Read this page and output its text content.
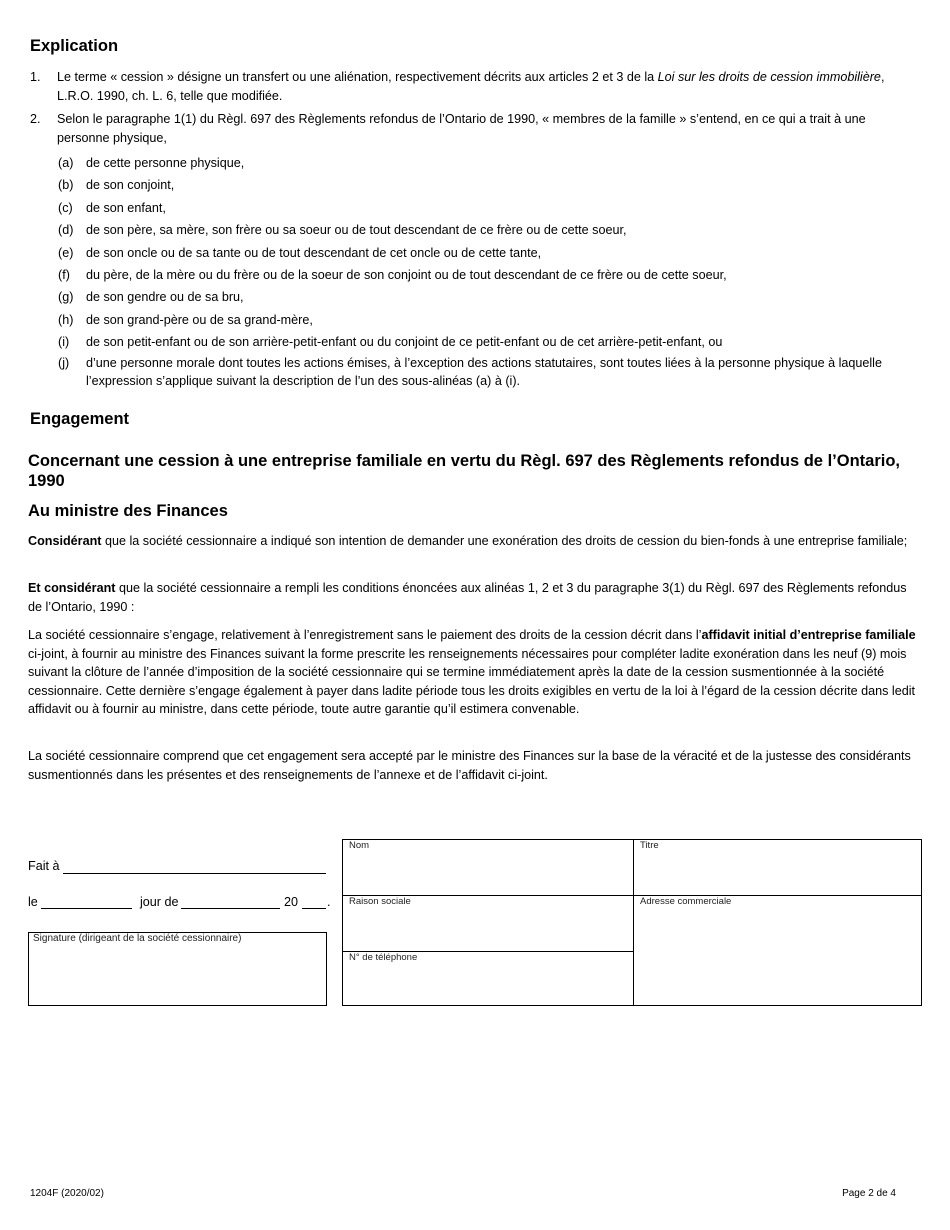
Explication
1. Le terme « cession » désigne un transfert ou une aliénation, respectivement décrits aux articles 2 et 3 de la Loi sur les droits de cession immobilière, L.R.O. 1990, ch. L. 6, telle que modifiée.
2. Selon le paragraphe 1(1) du Règl. 697 des Règlements refondus de l’Ontario de 1990, « membres de la famille » s’entend, en ce qui a trait à une personne physique,
(a) de cette personne physique,
(b) de son conjoint,
(c) de son enfant,
(d) de son père, sa mère, son frère ou sa soeur ou de tout descendant de ce frère ou de cette soeur,
(e) de son oncle ou de sa tante ou de tout descendant de cet oncle ou de cette tante,
(f) du père, de la mère ou du frère ou de la soeur de son conjoint ou de tout descendant de ce frère ou de cette soeur,
(g) de son gendre ou de sa bru,
(h) de son grand-père ou de sa grand-mère,
(i) de son petit-enfant ou de son arrière-petit-enfant ou du conjoint de ce petit-enfant ou de cet arrière-petit-enfant, ou
(j) d’une personne morale dont toutes les actions émises, à l’exception des actions statutaires, sont toutes liées à la personne physique à laquelle l’expression s’applique suivant la description de l’un des sous-alinéas (a) à (i).
Engagement
Concernant une cession à une entreprise familiale en vertu du Règl. 697 des Règlements refondus de l’Ontario, 1990
Au ministre des Finances
Considérant que la société cessionnaire a indiqué son intention de demander une exonération des droits de cession du bien-fonds à une entreprise familiale;
Et considérant que la société cessionnaire a rempli les conditions énoncées aux alinéas 1, 2 et 3 du paragraphe 3(1) du Règl. 697 des Règlements refondus de l’Ontario, 1990 :
La société cessionnaire s’engage, relativement à l’enregistrement sans le paiement des droits de la cession décrit dans l’affidavit initial d’entreprise familiale ci-joint, à fournir au ministre des Finances suivant la forme prescrite les renseignements nécessaires pour compléter ladite exonération dans les neuf (9) mois suivant la clôture de l’année d’imposition de la société cessionnaire qui se termine immédiatement après la date de la cession susmentionnée à la société cessionnaire. Cette dernière s’engage également à payer dans ladite période tous les droits exigibles en vertu de la loi à l’égard de la cession décrite dans ledit affidavit ou à fournir au ministre, dans cette période, toute autre garantie qu’il estimera convenable.
La société cessionnaire comprend que cet engagement sera accepté par le ministre des Finances sur la base de la véracité et de la justesse des considérants susmentionnés dans les présentes et des renseignements de l’annexe et de l’affidavit ci-joint.
Fait à
le	jour de	20 .
Signature (dirigeant de la société cessionnaire)
Nom	Titre
Raison sociale	Adresse commerciale
N° de téléphone
1204F (2020/02)	Page 2 de 4
